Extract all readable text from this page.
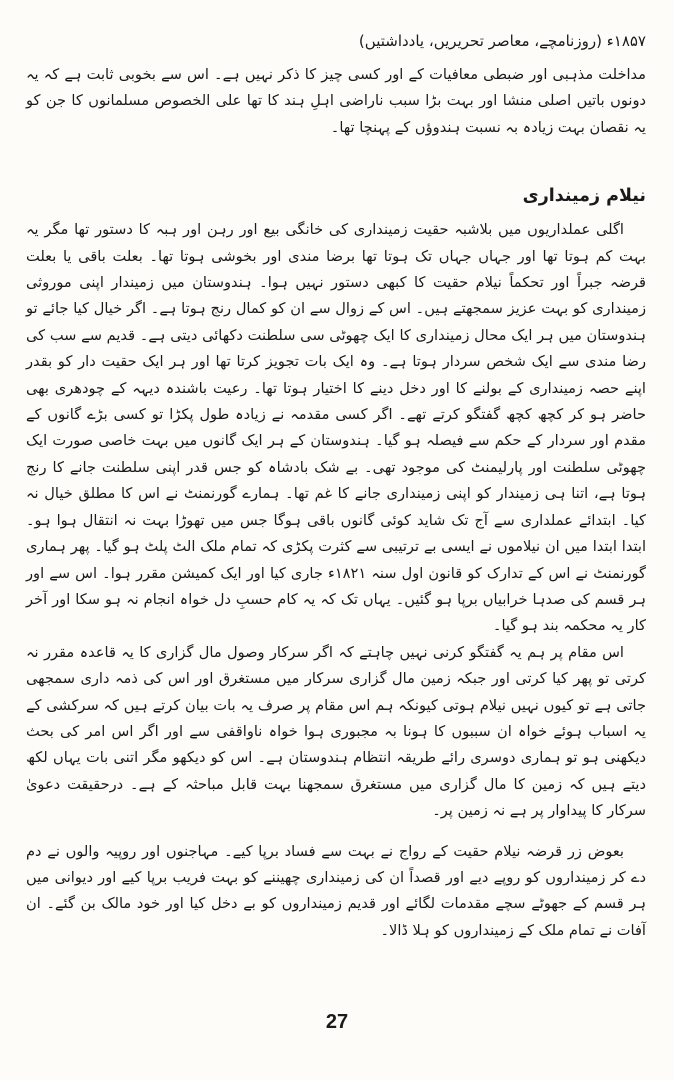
۱۸۵۷ء (روزنامچے، معاصر تحریریں، یادداشتیں)

مداخلت مذہبی اور ضبطی معافیات کے اور کسی چیز کا ذکر نہیں ہے۔ اس سے بخوبی ثابت ہے کہ یہ دونوں باتیں اصلی منشا اور بہت بڑا سبب ناراضی اہلِ ہند کا تھا علی الخصوص مسلمانوں کا جن کو یہ نقصان بہت زیادہ بہ نسبت ہندوؤں کے پہنچا تھا۔

نیلام زمینداری

اگلی عملداریوں میں بلاشبہ حقیت زمینداری کی خانگی بیع اور رہن اور ہبہ کا دستور تھا مگر یہ بہت کم ہوتا تھا اور جہاں جہاں تک ہوتا تھا برضا مندی اور بخوشی ہوتا تھا۔ بعلت باقی یا بعلت قرضہ جبراً اور تحکماً نیلام حقیت کا کبھی دستور نہیں ہوا۔ ہندوستان میں زمیندار اپنی موروثی زمینداری کو بہت عزیز سمجھتے ہیں۔ اس کے زوال سے ان کو کمال رنج ہوتا ہے۔ اگر خیال کیا جائے تو ہندوستان میں ہر ایک محال زمینداری کا ایک چھوٹی سی سلطنت دکھائی دیتی ہے۔ قدیم سے سب کی رضا مندی سے ایک شخص سردار ہوتا ہے۔ وہ ایک بات تجویز کرتا تھا اور ہر ایک حقیت دار کو بقدر اپنے حصہ زمینداری کے بولنے کا اور دخل دینے کا اختیار ہوتا تھا۔ رعیت باشندہ دیہہ کے چودھری بھی حاضر ہو کر کچھ کچھ گفتگو کرتے تھے۔ اگر کسی مقدمہ نے زیادہ طول پکڑا تو کسی بڑے گانوں کے مقدم اور سردار کے حکم سے فیصلہ ہو گیا۔ ہندوستان کے ہر ایک گانوں میں بہت خاصی صورت ایک چھوٹی سلطنت اور پارلیمنٹ کی موجود تھی۔ بے شک بادشاہ کو جس قدر اپنی سلطنت جانے کا رنج ہوتا ہے، اتنا ہی زمیندار کو اپنی زمینداری جانے کا غم تھا۔ ہمارے گورنمنٹ نے اس کا مطلق خیال نہ کیا۔ ابتدائے عملداری سے آج تک شاید کوئی گانوں باقی ہوگا جس میں تھوڑا بہت نہ انتقال ہوا ہو۔ ابتدا ابتدا میں ان نیلاموں نے ایسی بے ترتیبی سے کثرت پکڑی کہ تمام ملک الٹ پلٹ ہو گیا۔ پھر ہماری گورنمنٹ نے اس کے تدارک کو قانون اول سنہ ۱۸۲۱ء جاری کیا اور ایک کمیشن مقرر ہوا۔ اس سے اور ہر قسم کی صدہا خرابیاں برپا ہو گئیں۔ یہاں تک کہ یہ کام حسبِ دل خواہ انجام نہ ہو سکا اور آخر کار یہ محکمہ بند ہو گیا۔

اس مقام پر ہم یہ گفتگو کرنی نہیں چاہتے کہ اگر سرکار وصول مال گزاری کا یہ قاعدہ مقرر نہ کرتی تو پھر کیا کرتی اور جبکہ زمین مال گزاری سرکار میں مستغرق اور اس کی ذمہ داری سمجھی جاتی ہے تو کیوں نہیں نیلام ہوتی کیونکہ ہم اس مقام پر صرف یہ بات بیان کرتے ہیں کہ سرکشی کے یہ اسباب ہوئے خواہ ان سببوں کا ہونا بہ مجبوری ہوا خواہ ناواقفی سے اور اگر اس امر کی بحث دیکھنی ہو تو ہماری دوسری رائے طریقہ انتظام ہندوستان ہے۔ اس کو دیکھو مگر اتنی بات یہاں لکھ دیتے ہیں کہ زمین کا مال گزاری میں مستغرق سمجھنا بہت قابل مباحثہ کے ہے۔ درحقیقت دعویٰ سرکار کا پیداوار پر ہے نہ زمین پر۔

بعوض زر قرضہ نیلام حقیت کے رواج نے بہت سے فساد برپا کیے۔ مہاجنوں اور روپیہ والوں نے دم دے کر زمینداروں کو روپے دیے اور قصداً ان کی زمینداری چھیننے کو بہت فریب برپا کیے اور دیوانی میں ہر قسم کے جھوٹے سچے مقدمات لگائے اور قدیم زمینداروں کو بے دخل کیا اور خود مالک بن گئے۔ ان آفات نے تمام ملک کے زمینداروں کو ہلا ڈالا۔

27
